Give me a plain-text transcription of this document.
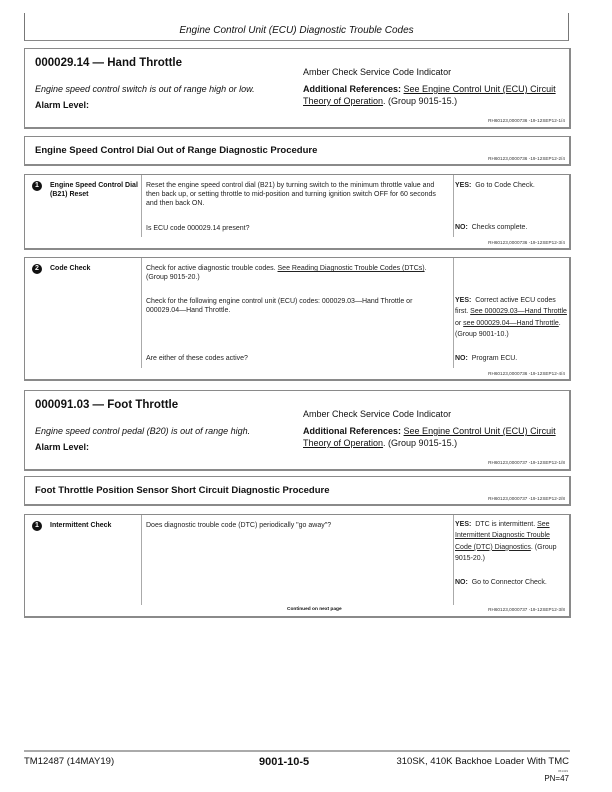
Engine Control Unit (ECU) Diagnostic Trouble Codes
000029.14 — Hand Throttle
Engine speed control switch is out of range high or low.
Alarm Level:
Amber Check Service Code Indicator
Additional References: See Engine Control Unit (ECU) Circuit Theory of Operation. (Group 9015-15.)
RH60123,0000736 -19-12SEP12-1/4
Engine Speed Control Dial Out of Range Diagnostic Procedure
RH60123,0000736 -19-12SEP12-2/4
1	Engine Speed Control Dial (B21) Reset
Reset the engine speed control dial (B21) by turning switch to the minimum throttle value and then back up, or setting throttle to mid-position and turning ignition switch OFF for 60 seconds and then back ON.
Is ECU code 000029.14 present?
YES: Go to Code Check.
NO: Checks complete.
RH60123,0000736 -19-12SEP12-3/4
2	Code Check	Check for active diagnostic trouble codes. See Reading Diagnostic Trouble Codes (DTCs). (Group 9015-20.)
Check for the following engine control unit (ECU) codes: 000029.03—Hand Throttle or 000029.04—Hand Throttle.
Are either of these codes active?
YES: Correct active ECU codes first. See 000029.03—Hand Throttle or see 000029.04—Hand Throttle. (Group 9001-10.)
NO: Program ECU.
RH60123,0000736 -19-12SEP12-4/4
000091.03 — Foot Throttle
Engine speed control pedal (B20) is out of range high.
Alarm Level:
Amber Check Service Code Indicator
Additional References: See Engine Control Unit (ECU) Circuit Theory of Operation. (Group 9015-15.)
RH60123,0000737 -19-12SEP12-1/8
Foot Throttle Position Sensor Short Circuit Diagnostic Procedure
RH60123,0000737 -19-12SEP12-2/8
1	Intermittent Check	Does diagnostic trouble code (DTC) periodically "go away"?	YES: DTC is intermittent. See Intermittent Diagnostic Trouble Code (DTC) Diagnostics. (Group 9015-20.)
NO: Go to Connector Check.
Continued on next page	RH60123,0000737 -19-12SEP12-3/8
TM12487 (14MAY19)	9001-10-5	310SK, 410K Backhoe Loader With TMC
051419
PN=47
